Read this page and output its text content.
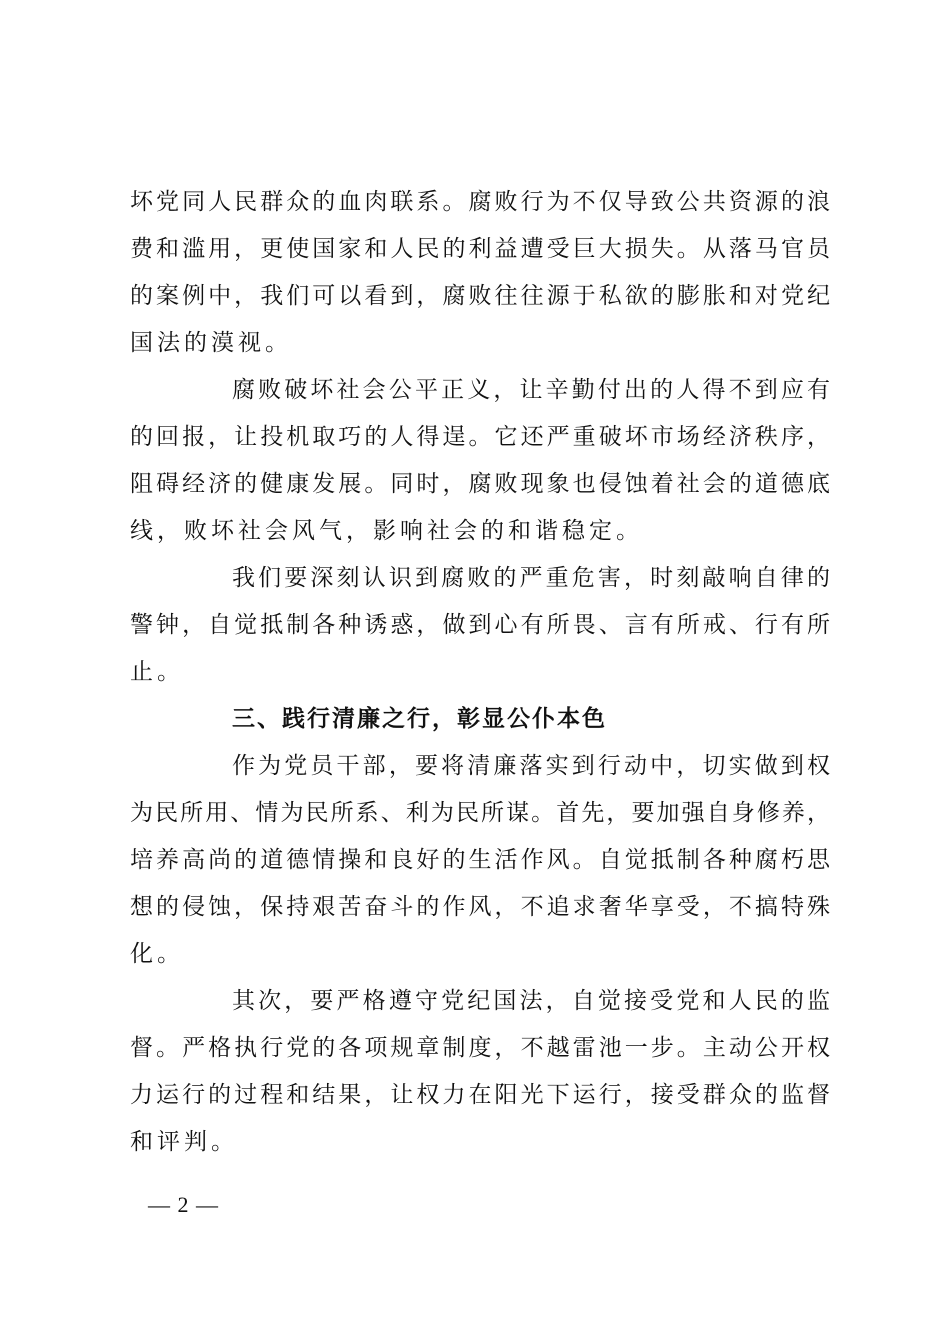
坏党同人民群众的血肉联系。腐败行为不仅导致公共资源的浪
费和滥用，更使国家和人民的利益遭受巨大损失。从落马官员
的案例中，我们可以看到，腐败往往源于私欲的膨胀和对党纪
国法的漠视。
腐败破坏社会公平正义，让辛勤付出的人得不到应有
的回报，让投机取巧的人得逞。它还严重破坏市场经济秩序，
阻碍经济的健康发展。同时，腐败现象也侵蚀着社会的道德底
线，败坏社会风气，影响社会的和谐稳定。
我们要深刻认识到腐败的严重危害，时刻敲响自律的
警钟，自觉抵制各种诱惑，做到心有所畏、言有所戒、行有所
止。
三、践行清廉之行，彰显公仆本色
作为党员干部，要将清廉落实到行动中，切实做到权
为民所用、情为民所系、利为民所谋。首先，要加强自身修养，
培养高尚的道德情操和良好的生活作风。自觉抵制各种腐朽思
想的侵蚀，保持艰苦奋斗的作风，不追求奢华享受，不搞特殊
化。
其次，要严格遵守党纪国法，自觉接受党和人民的监
督。严格执行党的各项规章制度，不越雷池一步。主动公开权
力运行的过程和结果，让权力在阳光下运行，接受群众的监督
和评判。
— 2 —
